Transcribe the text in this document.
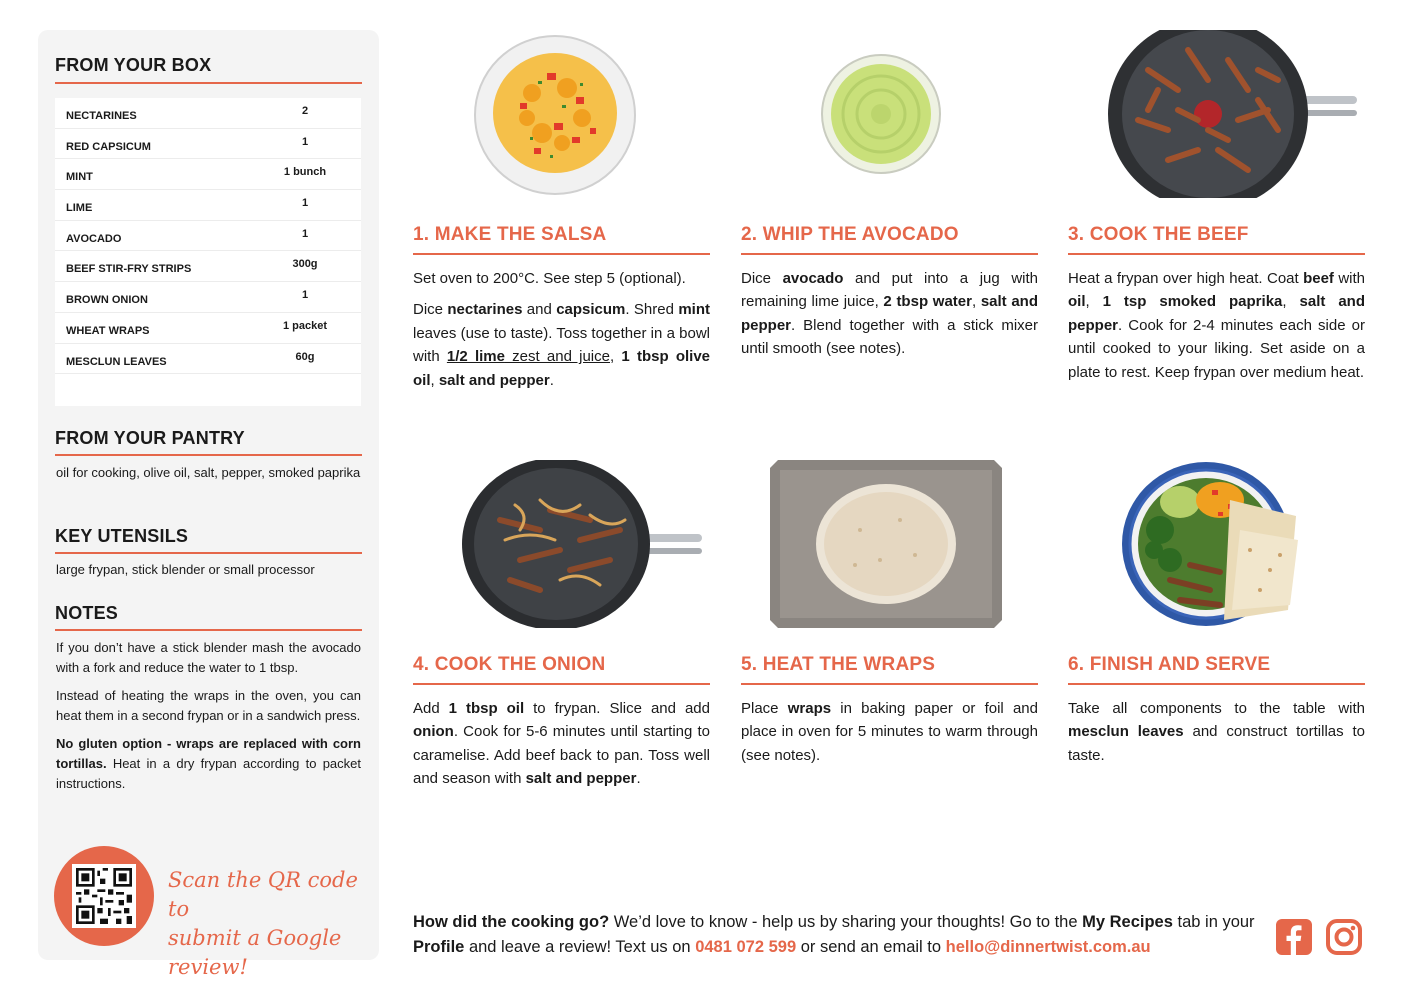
FROM YOUR BOX
NECTARINES	2
RED CAPSICUM	1
MINT	1 bunch
LIME	1
AVOCADO	1
BEEF STIR-FRY STRIPS	300g
BROWN ONION	1
WHEAT WRAPS	1 packet
MESCLUN LEAVES	60g
FROM YOUR PANTRY
oil for cooking, olive oil, salt, pepper, smoked paprika
KEY UTENSILS
large frypan, stick blender or small processor
NOTES

If you don’t have a stick blender mash the avocado with a fork and reduce the water to 1 tbsp.

Instead of heating the wraps in the oven, you can heat them in a second frypan or in a sandwich press.

No gluten option - wraps are replaced with corn tortillas. Heat in a dry frypan according to packet instructions.

Scan the QR code to
submit a Google review!
1. MAKE THE SALSA

Set oven to 200°C. See step 5 (optional).

Dice nectarines and capsicum. Shred mint leaves (use to taste). Toss together in a bowl with 1/2 lime zest and juice, 1 tbsp olive oil, salt and pepper.

2. WHIP THE AVOCADO

Dice avocado and put into a jug with remaining lime juice, 2 tbsp water, salt and pepper. Blend together with a stick mixer until smooth (see notes).

3. COOK THE BEEF

Heat a frypan over high heat. Coat beef with oil, 1 tsp smoked paprika, salt and pepper. Cook for 2-4 minutes each side or until cooked to your liking. Set aside on a plate to rest. Keep frypan over medium heat.

4. COOK THE ONION

Add 1 tbsp oil to frypan. Slice and add onion. Cook for 5-6 minutes until starting to caramelise. Add beef back to pan. Toss well and season with salt and pepper.

5. HEAT THE WRAPS

Place wraps in baking paper or foil and place in oven for 5 minutes to warm through (see notes).

6. FINISH AND SERVE

Take all components to the table with mesclun leaves and construct tortillas to taste.

How did the cooking go? We’d love to know - help us by sharing your thoughts! Go to the My Recipes tab in your Profile and leave a review! Text us on 0481 072 599 or send an email to hello@dinnertwist.com.au
